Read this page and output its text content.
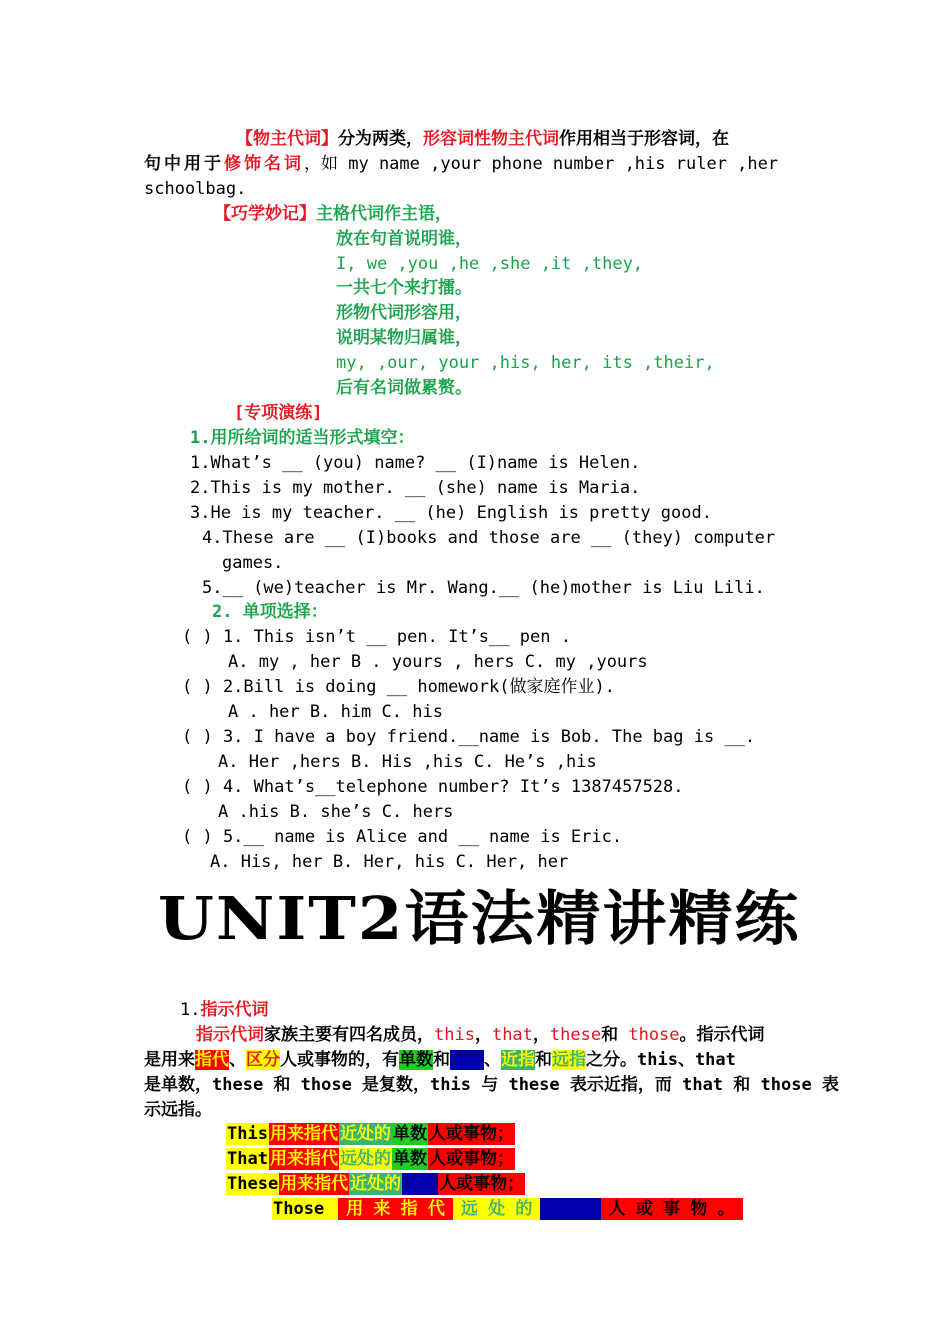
【物主代词】分为两类，形容词性物主代词作用相当于形容词，在
句中用于修饰名词，如 my name ,your phone number ,his ruler ,her
schoolbag.
【巧学妙记】主格代词作主语，
放在句首说明谁，
I, we ,you ,he ,she ,it ,they,
一共七个来打擂。
形物代词形容用，
说明某物归属谁，
my, ,our, your ,his, her, its ,their,
后有名词做累赘。
[专项演练]
1.用所给词的适当形式填空：
1.What’s __ (you) name? __ (I)name is Helen.
2.This is my mother. __ (she) name is Maria.
3.He is my teacher. __ (he) English is pretty good.
4.These are __ (I)books and those are __ (they) computer
games.
5.__ (we)teacher is Mr. Wang.__ (he)mother is Liu Lili.
2. 单项选择：
( ) 1. This isn’t __ pen. It’s__ pen .
A. my , her B . yours , hers C. my ,yours
( ) 2.Bill is doing __ homework(做家庭作业).
A . her B. him C. his
( ) 3. I have a boy friend.__name is Bob. The bag is __.
A. Her ,hers B. His ,his C. He’s ,his
( ) 4. What’s__telephone number? It’s 1387457528.
A .his B. she’s C. hers
( ) 5.__ name is Alice and __ name is Eric.
A. His, her B. Her, his C. Her, her
UNIT2语法精讲精练
1.指示代词
指示代词家族主要有四名成员，this，that，these和 those。指示代词
是用来指代、区分人或事物的，有单数和复数、近指和远指之分。this、that
是单数，these 和 those 是复数，this 与 these 表示近指，而 that 和 those 表
示远指。
This 用来指代 近处的 单数 人或事物；
That 用来指代 远处的 单数 人或事物；
These 用来指代 近处的 复数 人或事物；
Those 用 来 指 代 远 处 的 复 数 人 或 事 物 。
